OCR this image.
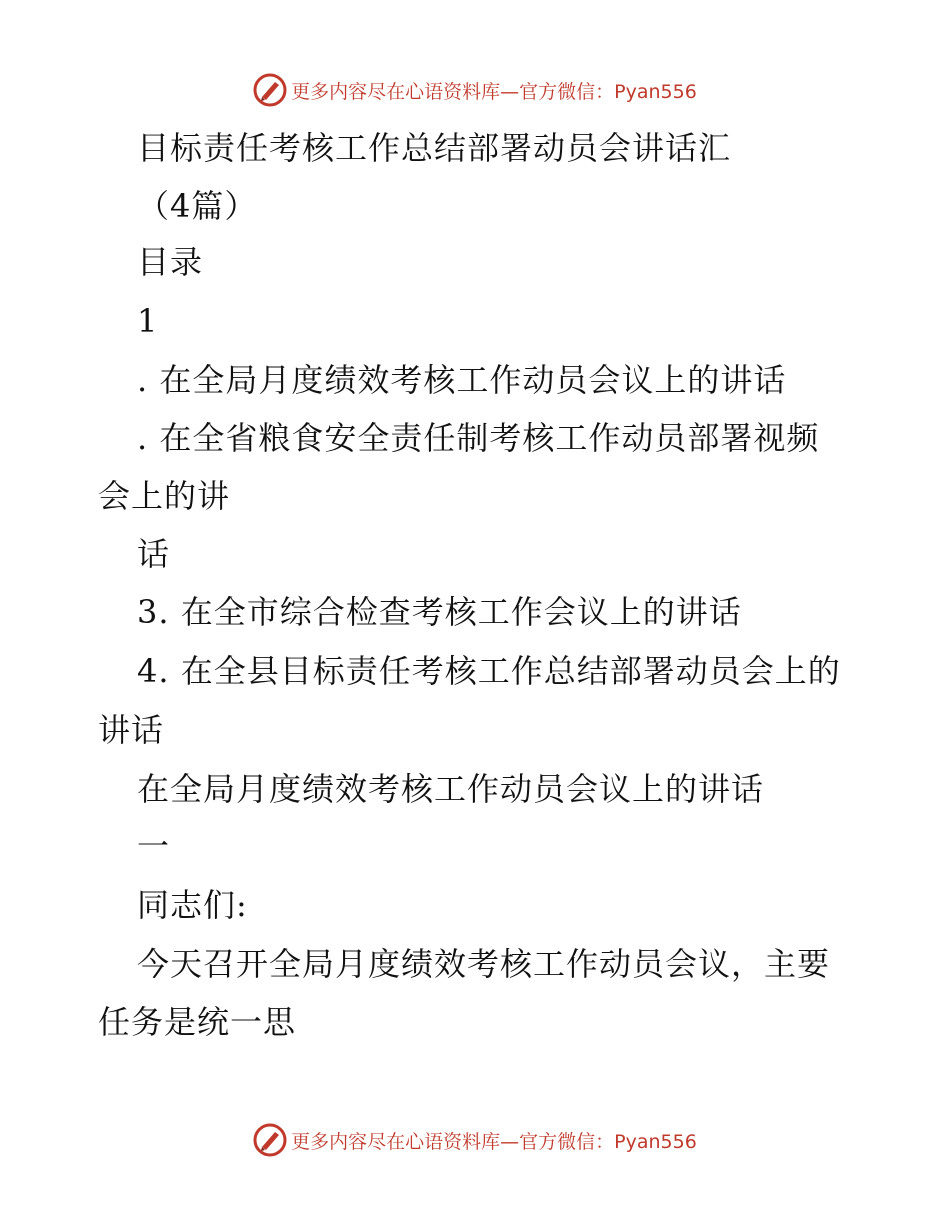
更多内容尽在心语资料库—官方微信：Pyan556
目标责任考核工作总结部署动员会讲话汇
（4篇）
目录
1
. 在全局月度绩效考核工作动员会议上的讲话
. 在全省粮食安全责任制考核工作动员部署视频
会上的讲
话
3. 在全市综合检查考核工作会议上的讲话
4. 在全县目标责任考核工作总结部署动员会上的
讲话
在全局月度绩效考核工作动员会议上的讲话
一
同志们:
今天召开全局月度绩效考核工作动员会议，主要
任务是统一思
更多内容尽在心语资料库—官方微信：Pyan556
